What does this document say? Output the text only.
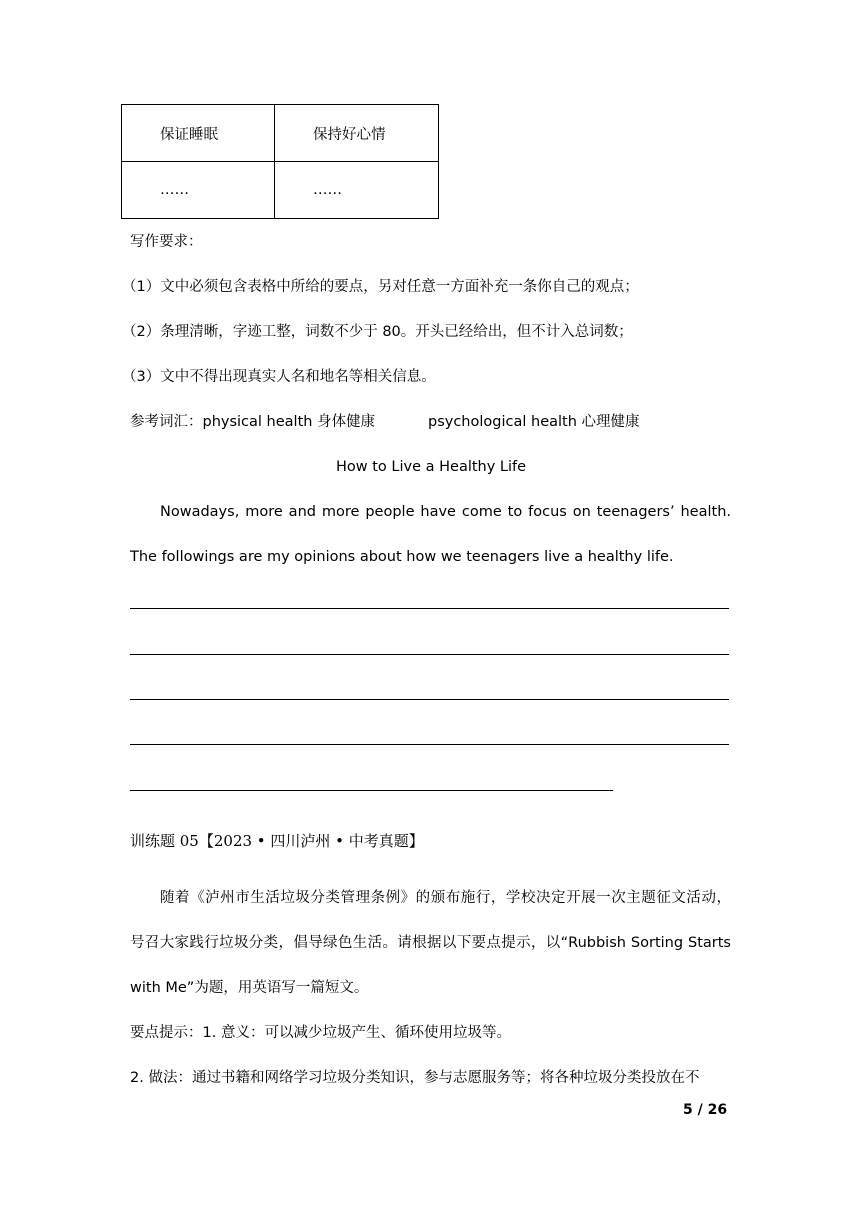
保证睡眠	保持好心情
……	……
写作要求：
（1）文中必须包含表格中所给的要点，另对任意一方面补充一条你自己的观点；
（2）条理清晰，字迹工整，词数不少于 80。开头已经给出，但不计入总词数；
（3）文中不得出现真实人名和地名等相关信息。
参考词汇：physical health 身体健康	psychological health 心理健康
How to Live a Healthy Life
Nowadays, more and more people have come to focus on teenagers’ health.
The followings are my opinions about how we teenagers live a healthy life.
训练题 05【2023 • 四川泸州 • 中考真题】
随着《泸州市生活垃圾分类管理条例》的颁布施行，学校决定开展一次主题征文活动，
号召大家践行垃圾分类，倡导绿色生活。请根据以下要点提示，以“Rubbish Sorting Starts
with Me”为题，用英语写一篇短文。
要点提示：1. 意义：可以减少垃圾产生、循环使用垃圾等。
2. 做法：通过书籍和网络学习垃圾分类知识，参与志愿服务等；将各种垃圾分类投放在不
5 / 26
